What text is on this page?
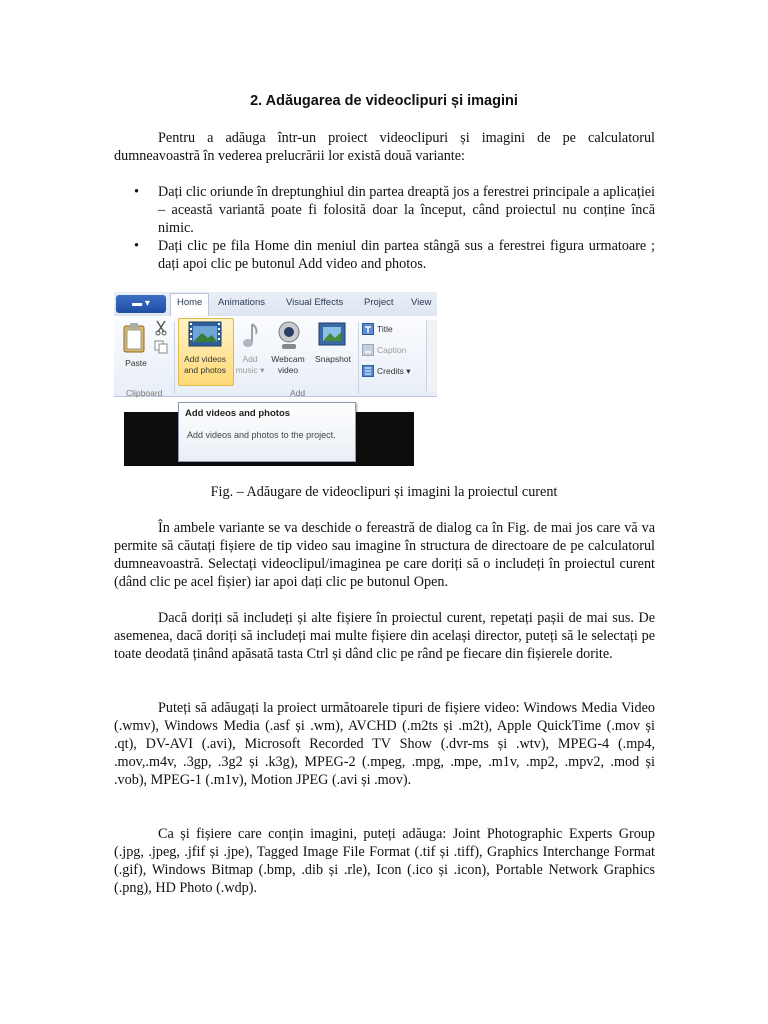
2. Adăugarea de videoclipuri și imagini

Pentru a adăuga într-un proiect videoclipuri și imagini de pe calculatorul dumneavoastră în vederea prelucrării lor există două variante:

• Dați clic oriunde în dreptunghiul din partea dreaptă jos a ferestrei principale a aplicației – această variantă poate fi folosită doar la început, când proiectul nu conține încă nimic.
• Dați clic pe fila Home din meniul din partea stângă sus a ferestrei figura urmatoare ; dați apoi clic pe butonul Add video and photos.
▬ ▾	Home	Animations Visual Effects Project View
Paste
Clipboard
Add videos
and photos
Add
music ▾
Webcam
video
Snapshot
Add
Title
Caption
Credits ▾
Add videos and photos
Add videos and photos to the project.
Fig. – Adăugare de videoclipuri și imagini la proiectul curent

În ambele variante se va deschide o fereastră de dialog ca în Fig. de mai jos care vă va permite să căutați fișiere de tip video sau imagine în structura de directoare de pe calculatorul dumneavoastră. Selectați videoclipul/imaginea pe care doriți să o includeți în proiectul curent (dând clic pe acel fișier) iar apoi dați clic pe butonul Open.

Dacă doriți să includeți și alte fișiere în proiectul curent, repetați pașii de mai sus. De asemenea, dacă doriți să includeți mai multe fișiere din același director, puteți să le selectați pe toate deodată ținând apăsată tasta Ctrl și dând clic pe rând pe fiecare din fișierele dorite.

Puteți să adăugați la proiect următoarele tipuri de fișiere video: Windows Media Video (.wmv), Windows Media (.asf și .wm), AVCHD (.m2ts și .m2t), Apple QuickTime (.mov și .qt), DV-AVI (.avi), Microsoft Recorded TV Show (.dvr-ms și .wtv), MPEG-4 (.mp4, .mov,.m4v, .3gp, .3g2 și .k3g), MPEG-2 (.mpeg, .mpg, .mpe, .m1v, .mp2, .mpv2, .mod și .vob), MPEG-1 (.m1v), Motion JPEG (.avi și .mov).

Ca și fișiere care conțin imagini, puteți adăuga: Joint Photographic Experts Group (.jpg, .jpeg, .jfif și .jpe), Tagged Image File Format (.tif și .tiff), Graphics Interchange Format (.gif), Windows Bitmap (.bmp, .dib și .rle), Icon (.ico și .icon), Portable Network Graphics (.png), HD Photo (.wdp).
